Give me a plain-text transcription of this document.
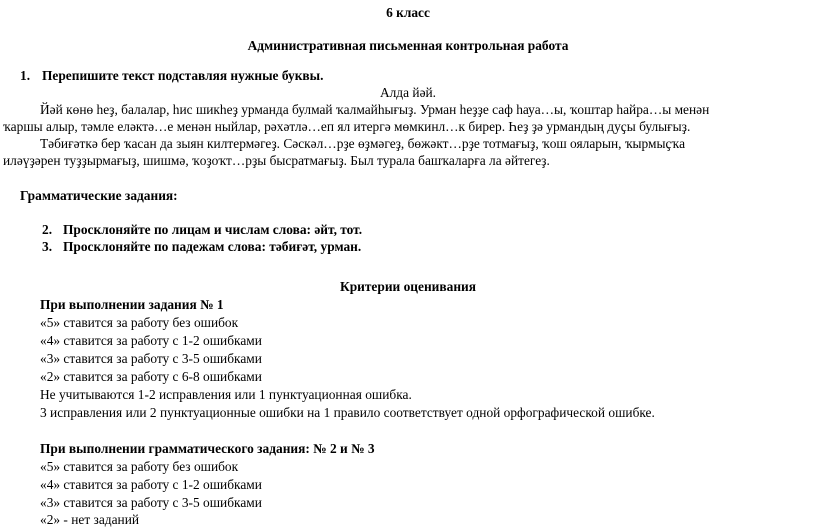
6 класс
Административная письменная контрольная работа
1. Перепишите текст подставляя нужные буквы.
Алда йәй.
Йәй көнө һеҙ, балалар, һис шикһеҙ урманда булмай ҡалмайһығыҙ. Урман һеҙҙе саф һауа…ы, ҡоштар һайра…ы менән
ҡаршы алыр, тәмле еләктә…е менән ныйлар, рәхәтлә…еп ял итергә мөмкинл…к бирер. Һеҙ ҙә урмандың дуҫы булығыҙ.
Тәбиғәткә бер ҡасан да зыян килтермәгеҙ. Сәскәл…рҙе өҙмәгеҙ, бөжәкт…рҙе тотмағыҙ, ҡош ояларын, ҡырмыҫҡа
иләүҙәрен туҙҙырмағыҙ, шишмә, ҡоҙоҡт…рҙы бысратмағыҙ. Был турала башҡаларға ла әйтегеҙ.
Грамматические задания:
2. Просклоняйте по лицам и числам слова: әйт, тот.
3. Просклоняйте по падежам слова: тәбиғәт, урман.
Критерии оценивания
При выполнении задания № 1
«5» ставится за работу без ошибок
«4» ставится за работу с 1-2 ошибками
«3» ставится за работу с 3-5 ошибками
«2» ставится за работу с 6-8 ошибками
Не учитываются 1-2 исправления или 1 пунктуационная ошибка.
3 исправления или 2 пунктуационные ошибки на 1 правило соответствует одной орфографической ошибке.
При выполнении грамматического задания: № 2 и № 3
«5» ставится за работу без ошибок
«4» ставится за работу с 1-2 ошибками
«3» ставится за работу с 3-5 ошибками
«2» - нет заданий
